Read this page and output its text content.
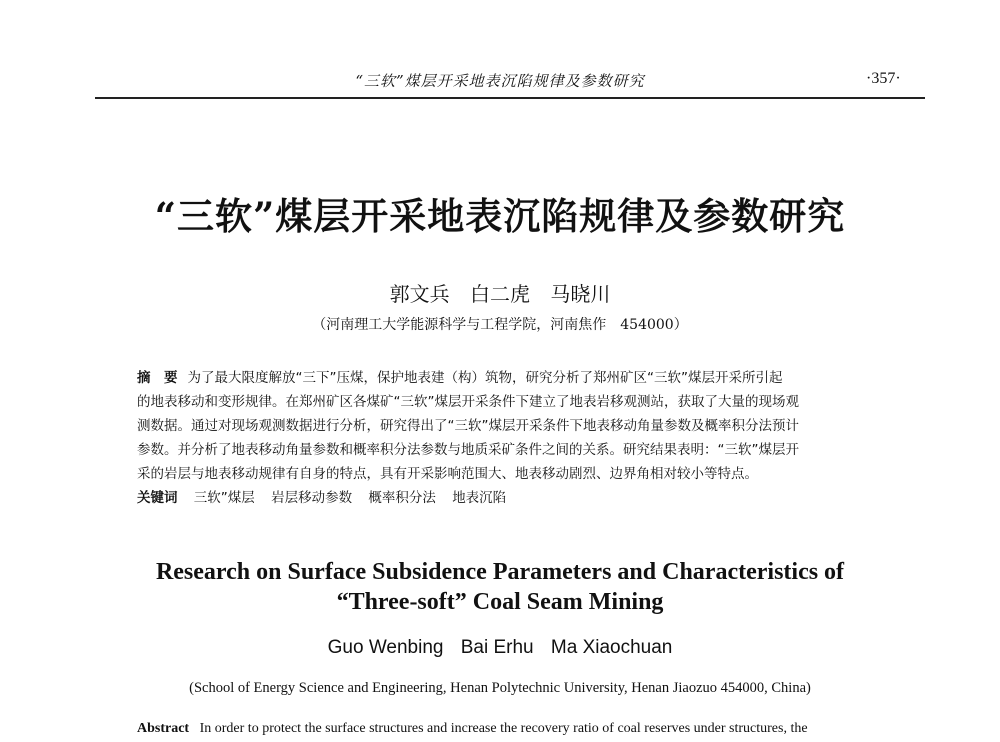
“三软”煤层开采地表沉陷规律及参数研究	·357·
“三软”煤层开采地表沉陷规律及参数研究
郭文兵 白二虎 马晓川
（河南理工大学能源科学与工程学院，河南焦作　454000）
摘　要 为了最大限度解放“三下”压煤，保护地表建（构）筑物，研究分析了郑州矿区“三软”煤层开采所引起
的地表移动和变形规律。在郑州矿区各煤矿“三软”煤层开采条件下建立了地表岩移观测站，获取了大量的现场观
测数据。通过对现场观测数据进行分析，研究得出了“三软”煤层开采条件下地表移动角量参数及概率积分法预计
参数。并分析了地表移动角量参数和概率积分法参数与地质采矿条件之间的关系。研究结果表明：“三软”煤层开
采的岩层与地表移动规律有自身的特点，具有开采影响范围大、地表移动剧烈、边界角相对较小等特点。
关键词 三软”煤层 岩层移动参数 概率积分法 地表沉陷
Research on Surface Subsidence Parameters and Characteristics of
“Three-soft” Coal Seam Mining
Guo Wenbing Bai Erhu Ma Xiaochuan
(School of Energy Science and Engineering, Henan Polytechnic University, Henan Jiaozuo 454000, China)
Abstract In order to protect the surface structures and increase the recovery ratio of coal reserves under structures, the
